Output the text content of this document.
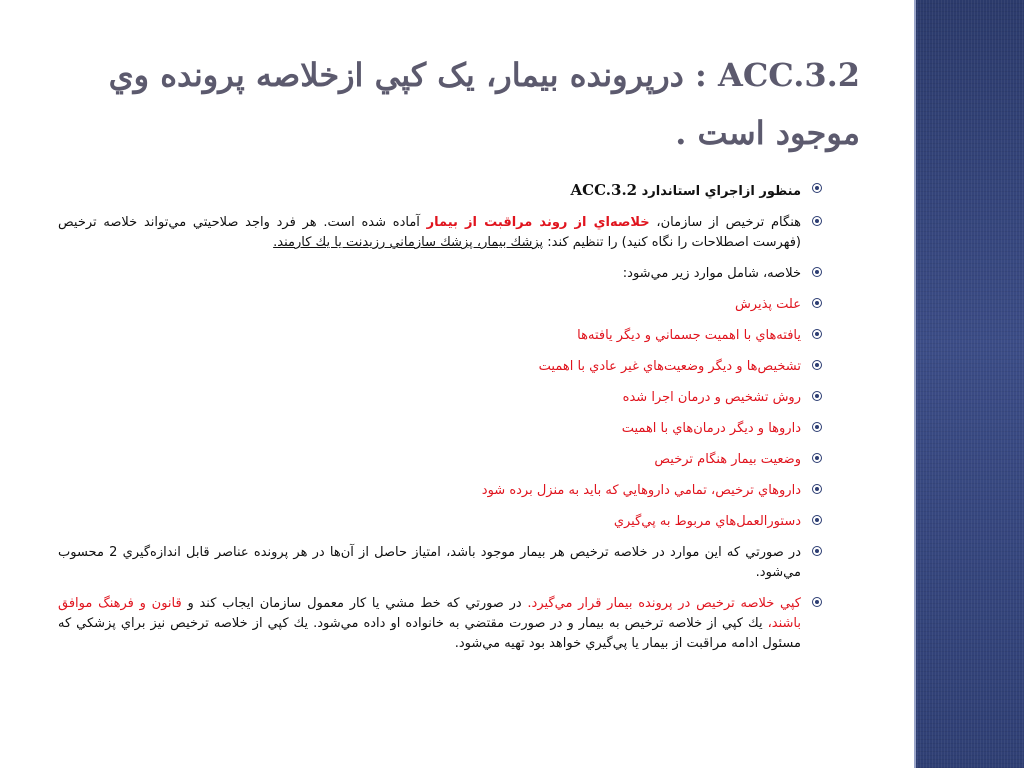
ACC.3.2 : درپرونده بيمار، یک كپي ازخلاصه پرونده وي موجود است .
منظور ازاجراي استاندارد ACC.3.2
هنگام ترخيص از سازمان، خلاصه‌اي از روند مراقبت از بيمار آماده شده است. هر فرد واجد صلاحيتي مي‌تواند خلاصه ترخيص (فهرست اصطلاحات را نگاه كنيد) را تنظيم كند: پزشك بيمار، پزشك سازماني رزيدنت يا يك كارمند.
خلاصه، شامل موارد زير مي‌شود:
علت پذيرش
يافته‌هاي با اهميت جسماني و ديگر يافته‌ها
تشخيص‌ها و ديگر وضعيت‌هاي غير عادي با اهميت
روش تشخيص و درمان اجرا شده
داروها و ديگر درمان‌هاي با اهميت
وضعيت بيمار هنگام ترخيص
داروهاي ترخيص، تمامي داروهايي كه بايد به منزل برده شود
دستورالعمل‌هاي مربوط به پي‌گيري
در صورتي كه اين موارد در خلاصه ترخيص هر بيمار موجود باشد، امتياز حاصل از آن‌ها در هر پرونده عناصر قابل اندازه‌گيري 2 محسوب مي‌شود.
كپي خلاصه ترخيص در پرونده بيمار قرار مي‌گيرد. در صورتي كه خط مشي يا كار معمول سازمان ايجاب كند و قانون و فرهنگ موافق باشند، يك كپي از خلاصه ترخيص به بيمار و در صورت مقتضي به خانواده او داده مي‌شود. يك كپي از خلاصه ترخيص نيز براي پزشكي كه مسئول ادامه مراقبت از بيمار يا پي‌گيري خواهد بود تهيه مي‌شود.
